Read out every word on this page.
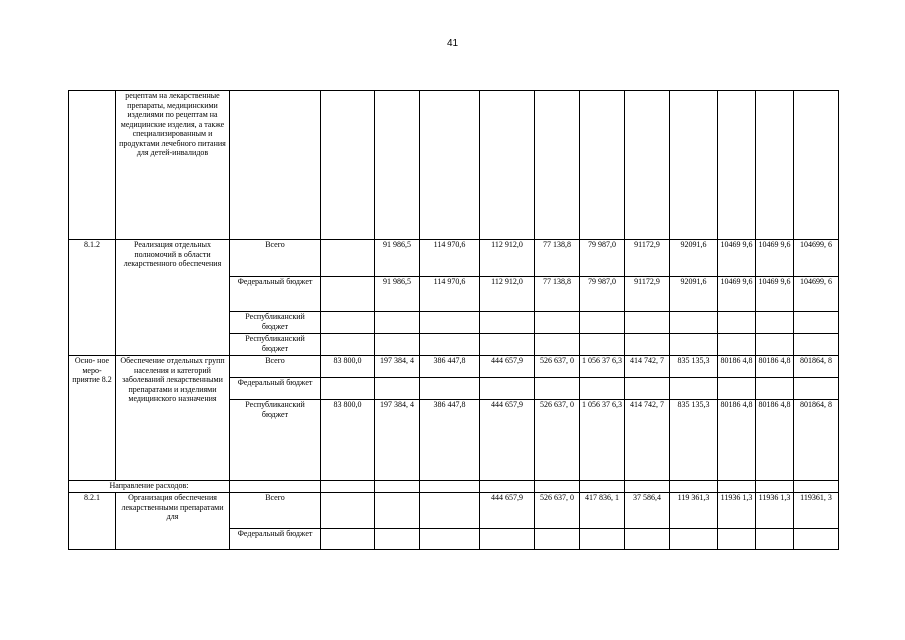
41
	рецептам на лекарственные препараты, медицинскими изделиями по рецептам на медицинские изделия, а также специализированным и продуктами лечебного питания для детей-инвалидов												
8.1.2	Реализация отдельных полномочий в области лекарственного обеспечения	Всего		91 986,5	114 970,6	112 912,0	77 138,8	79 987,0	91172,9	92091,6	10469 9,6	10469 9,6	104699, 6
		Федеральный бюджет		91 986,5	114 970,6	112 912,0	77 138,8	79 987,0	91172,9	92091,6	10469 9,6	10469 9,6	104699, 6
		Республиканский бюджет											
		Республиканский бюджет											
Осно- ное меро- приятие 8.2	Обеспечение отдельных групп населения и категорий заболеваний лекарственными препаратами и изделиями медицинского назначения	Всего	83 800,0	197 384, 4	386 447,8	444 657,9	526 637, 0	1 056 37 6,3	414 742, 7	835 135,3	80186 4,8	80186 4,8	801864, 8
		Федеральный бюджет											
		Республиканский бюджет	83 800,0	197 384, 4	386 447,8	444 657,9	526 637, 0	1 056 37 6,3	414 742, 7	835 135,3	80186 4,8	80186 4,8	801864, 8
Направление расходов:													
8.2.1	Организация обеспечения лекарственными препаратами для	Всего				444 657,9	526 637, 0	417 836, 1	37 586,4	119 361,3	11936 1,3	11936 1,3	119361, 3
		Федеральный бюджет											
